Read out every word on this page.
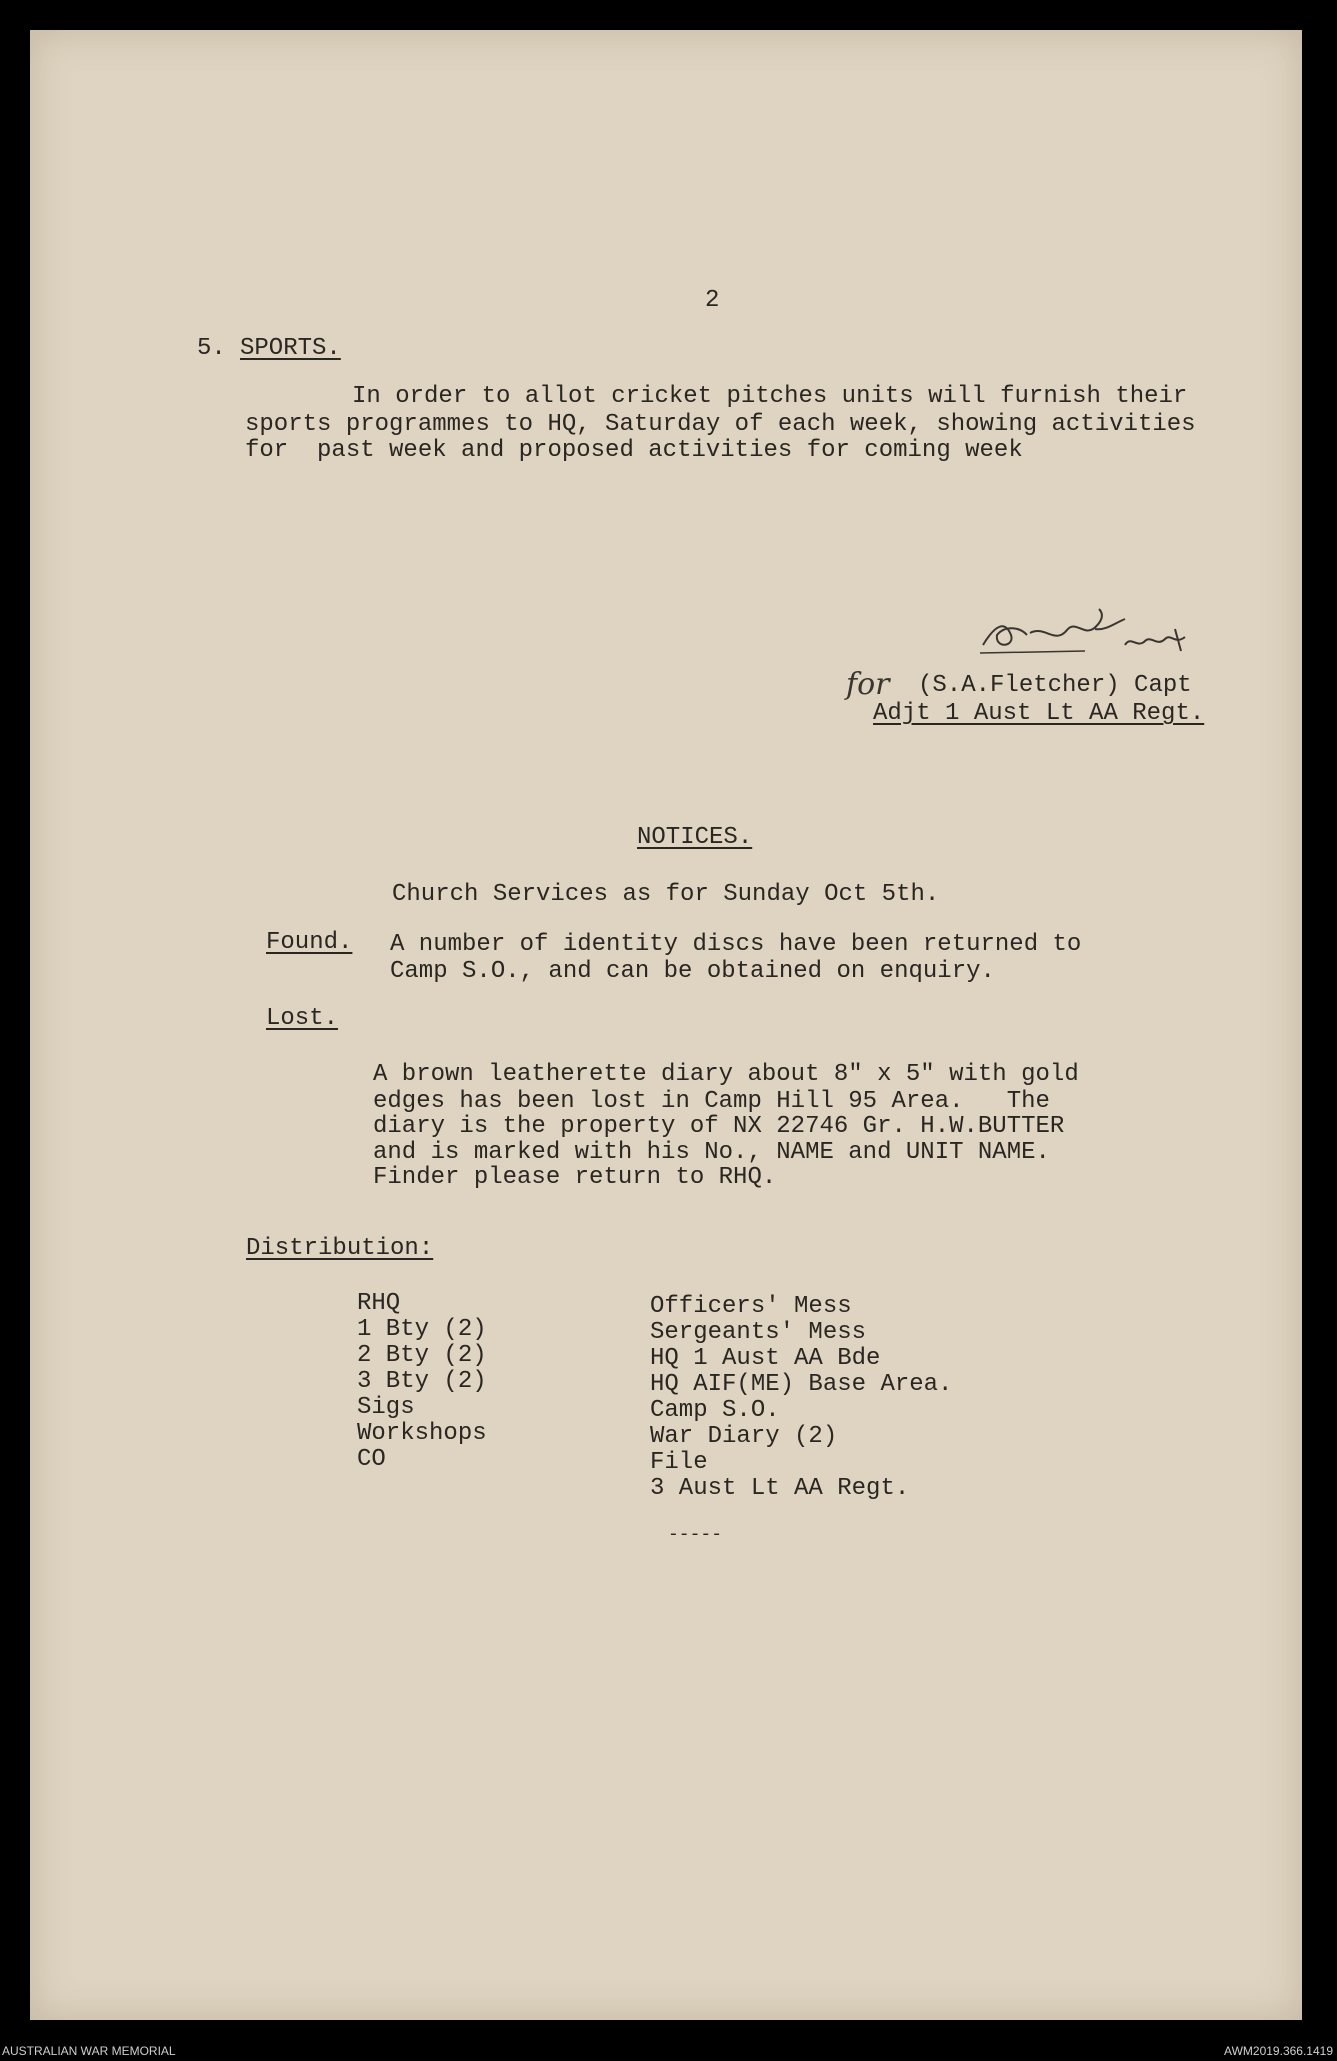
2
5. SPORTS.
In order to allot cricket pitches units will furnish their
sports programmes to HQ, Saturday of each week, showing activities
for  past week and proposed activities for coming week
for (S.A.Fletcher) Capt
Adjt 1 Aust Lt AA Regt.
NOTICES.
Church Services as for Sunday Oct 5th.
Found. A number of identity discs have been returned to
Camp S.O., and can be obtained on enquiry.
Lost.
A brown leatherette diary about 8" x 5" with gold
edges has been lost in Camp Hill 95 Area.   The
diary is the property of NX 22746 Gr. H.W.BUTTER
and is marked with his No., NAME and UNIT NAME.
Finder please return to RHQ.
Distribution:
RHQ
1 Bty (2)
2 Bty (2)
3 Bty (2)
Sigs
Workshops
CO
Officers' Mess
Sergeants' Mess
HQ 1 Aust AA Bde
HQ AIF(ME) Base Area.
Camp S.O.
War Diary (2)
File
3 Aust Lt AA Regt.
-----
AUSTRALIAN WAR MEMORIAL	AWM2019.366.1419
